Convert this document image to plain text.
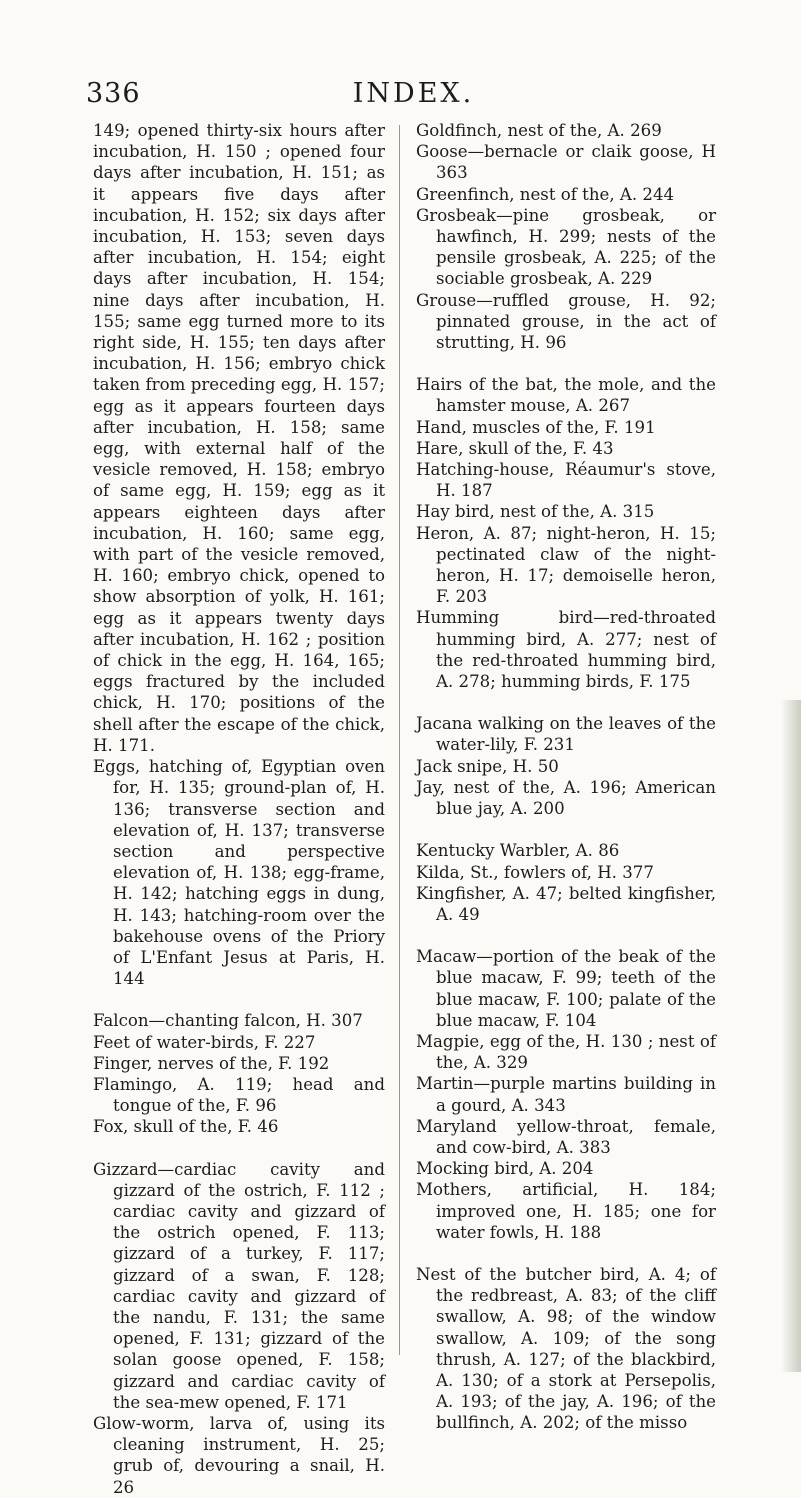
336	INDEX.

149; opened thirty-six hours after incubation, H. 150 ; opened four days after incubation, H. 151; as it appears five days after incubation, H. 152; six days after incubation, H. 153; seven days after incubation, H. 154; eight days after incubation, H. 154; nine days after incubation, H. 155; same egg turned more to its right side, H. 155; ten days after incubation, H. 156; embryo chick taken from preceding egg, H. 157; egg as it appears fourteen days after incubation, H. 158; same egg, with external half of the vesicle removed, H. 158; embryo of same egg, H. 159; egg as it appears eighteen days after incubation, H. 160; same egg, with part of the vesicle removed, H. 160; embryo chick, opened to show absorption of yolk, H. 161; egg as it appears twenty days after incubation, H. 162 ; position of chick in the egg, H. 164, 165; eggs fractured by the included chick, H. 170; positions of the shell after the escape of the chick, H. 171.

Eggs, hatching of, Egyptian oven for, H. 135; ground-plan of, H. 136; transverse section and elevation of, H. 137; transverse section and perspective elevation of, H. 138; egg-frame, H. 142; hatching eggs in dung, H. 143; hatching-room over the bakehouse ovens of the Priory of L'Enfant Jesus at Paris, H. 144

Falcon—chanting falcon, H. 307

Feet of water-birds, F. 227

Finger, nerves of the, F. 192

Flamingo, A. 119; head and tongue of the, F. 96

Fox, skull of the, F. 46

Gizzard—cardiac cavity and gizzard of the ostrich, F. 112 ; cardiac cavity and gizzard of the ostrich opened, F. 113; gizzard of a turkey, F. 117; gizzard of a swan, F. 128; cardiac cavity and gizzard of the nandu, F. 131; the same opened, F. 131; gizzard of the solan goose opened, F. 158; gizzard and cardiac cavity of the sea-mew opened, F. 171

Glow-worm, larva of, using its cleaning instrument, H. 25; grub of, devouring a snail, H. 26

Goldfinch, nest of the, A. 269

Goose—bernacle or claik goose, H 363

Greenfinch, nest of the, A. 244

Grosbeak—pine grosbeak, or hawfinch, H. 299; nests of the pensile grosbeak, A. 225; of the sociable grosbeak, A. 229

Grouse—ruffled grouse, H. 92; pinnated grouse, in the act of strutting, H. 96

Hairs of the bat, the mole, and the hamster mouse, A. 267

Hand, muscles of the, F. 191

Hare, skull of the, F. 43

Hatching-house, Réaumur's stove, H. 187

Hay bird, nest of the, A. 315

Heron, A. 87; night-heron, H. 15; pectinated claw of the night-heron, H. 17; demoiselle heron, F. 203

Humming bird—red-throated humming bird, A. 277; nest of the red-throated humming bird, A. 278; humming birds, F. 175

Jacana walking on the leaves of the water-lily, F. 231

Jack snipe, H. 50

Jay, nest of the, A. 196; American blue jay, A. 200

Kentucky Warbler, A. 86

Kilda, St., fowlers of, H. 377

Kingfisher, A. 47; belted kingfisher, A. 49

Macaw—portion of the beak of the blue macaw, F. 99; teeth of the blue macaw, F. 100; palate of the blue macaw, F. 104

Magpie, egg of the, H. 130 ; nest of the, A. 329

Martin—purple martins building in a gourd, A. 343

Maryland yellow-throat, female, and cow-bird, A. 383

Mocking bird, A. 204

Mothers, artificial, H. 184; improved one, H. 185; one for water fowls, H. 188

Nest of the butcher bird, A. 4; of the redbreast, A. 83; of the cliff swallow, A. 98; of the window swallow, A. 109; of the song thrush, A. 127; of the blackbird, A. 130; of a stork at Persepolis, A. 193; of the jay, A. 196; of the bullfinch, A. 202; of the misso
